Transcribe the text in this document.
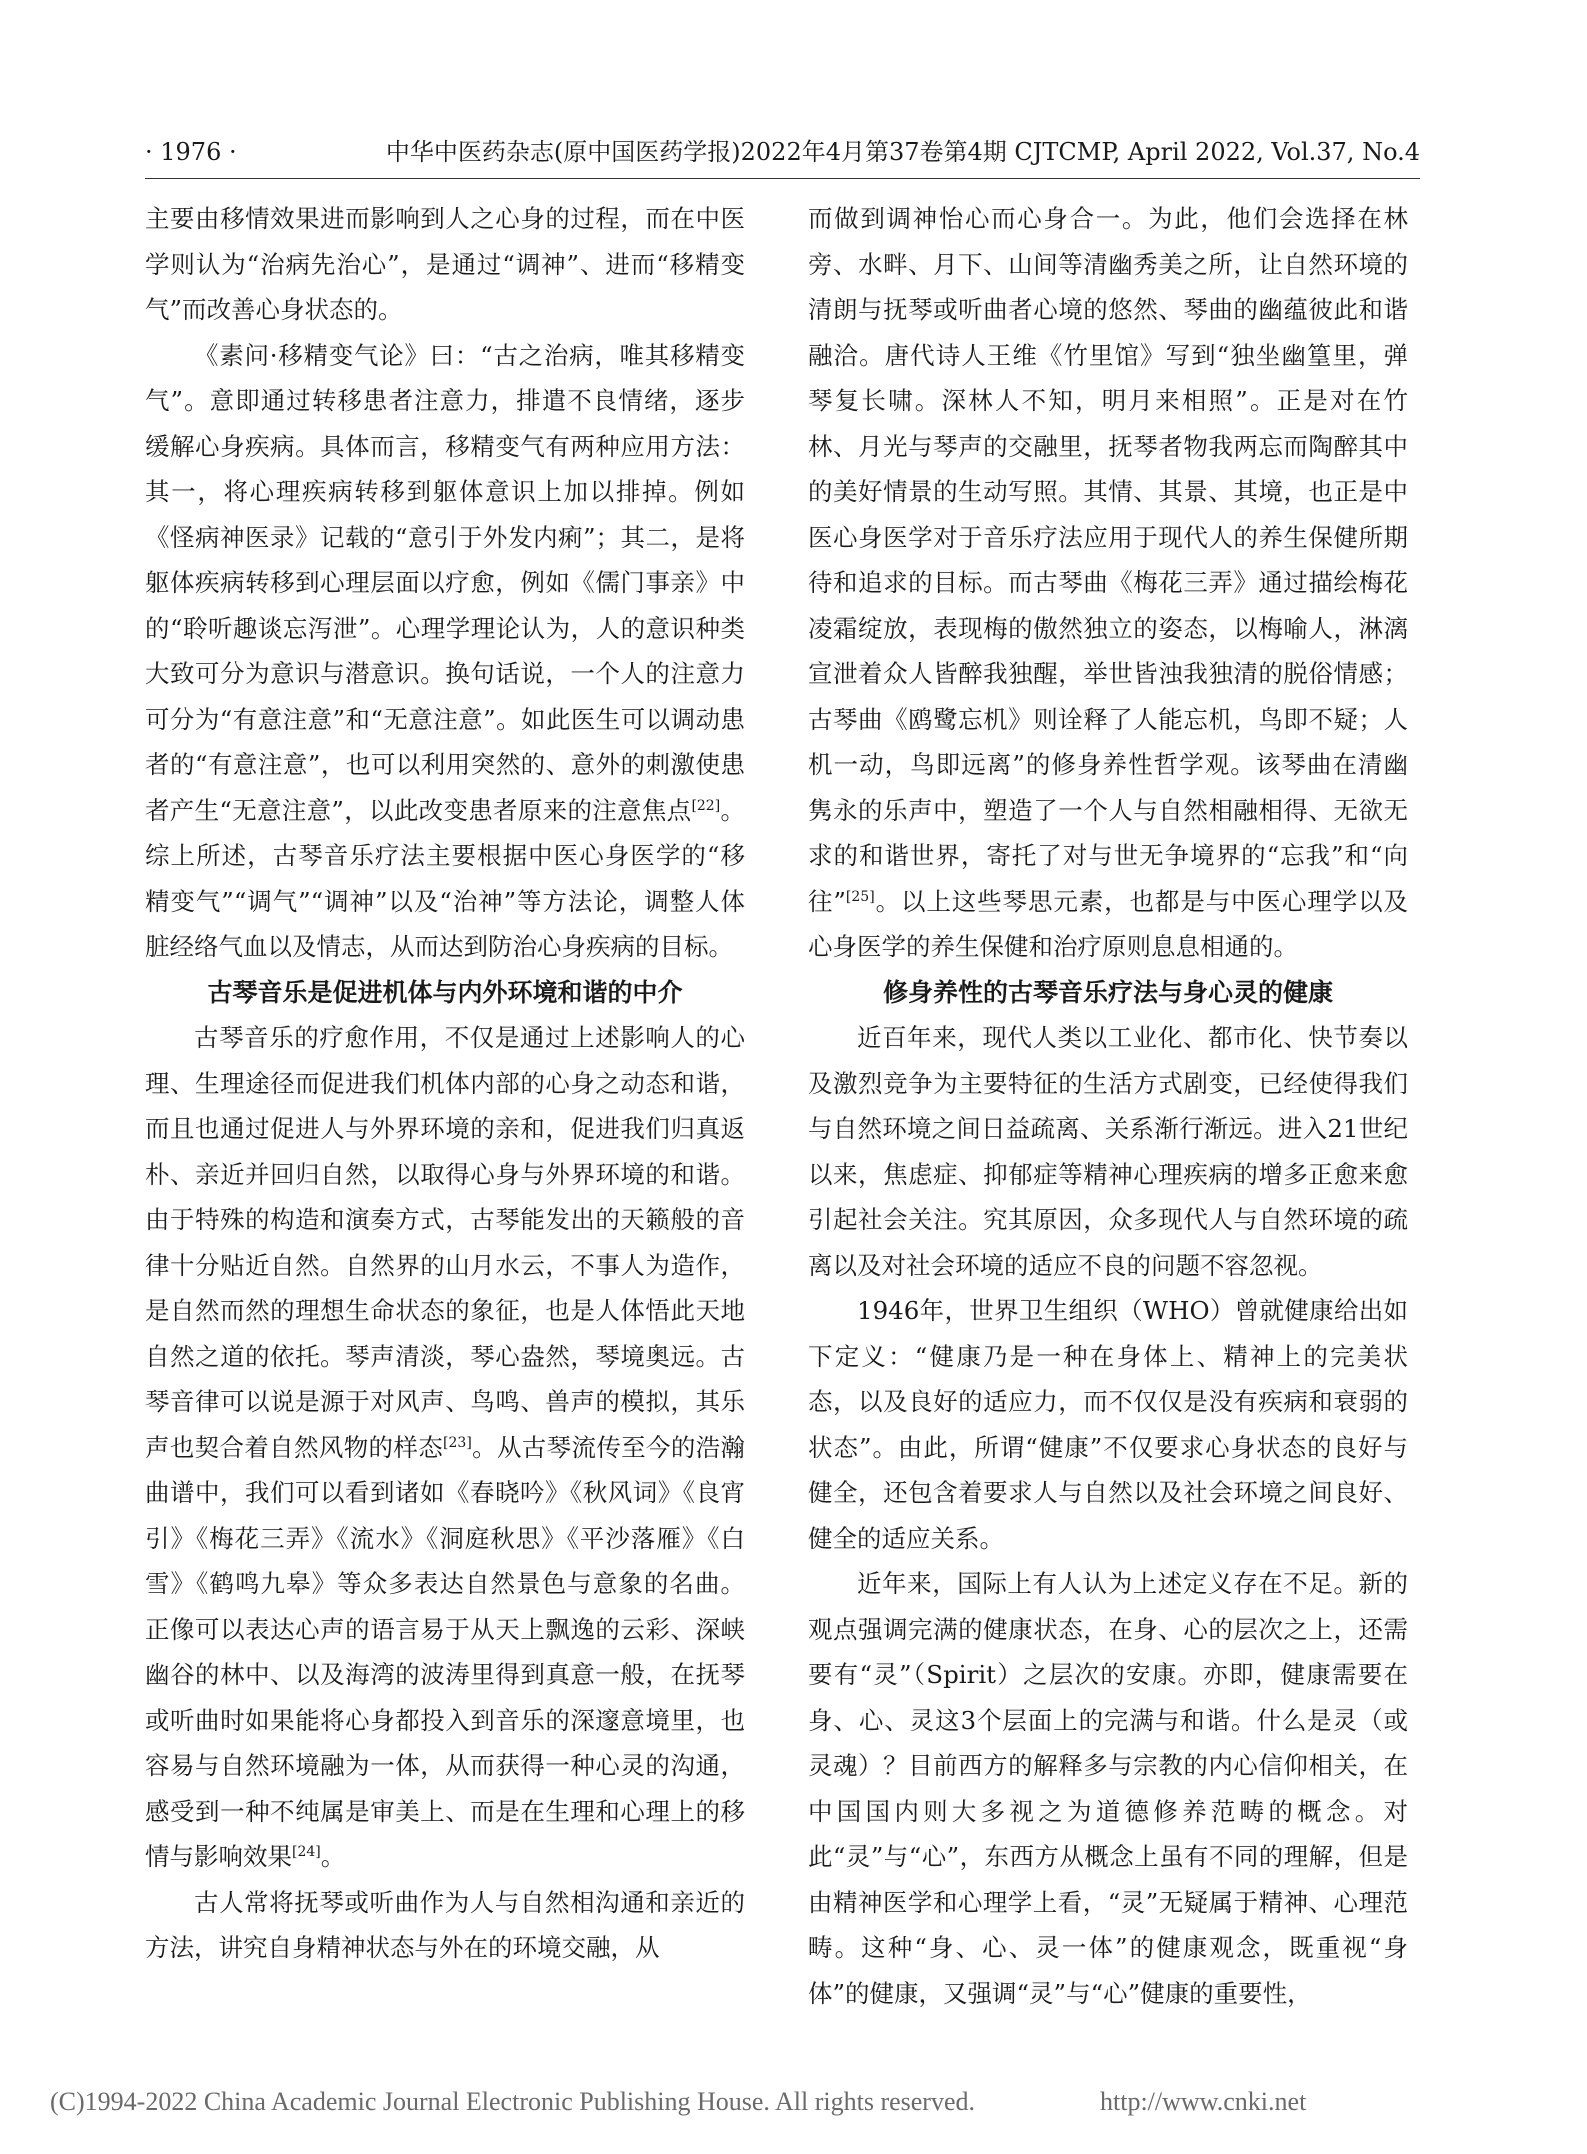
· 1976 ·	中华中医药杂志(原中国医药学报)2022年4月第37卷第4期 CJTCMP, April 2022, Vol.37, No.4

主要由移情效果进而影响到人之心身的过程，而在中医学则认为“治病先治心”，是通过“调神”、进而“移精变气”而改善心身状态的。

《素问·移精变气论》曰：“古之治病，唯其移精变气”。意即通过转移患者注意力，排遣不良情绪，逐步缓解心身疾病。具体而言，移精变气有两种应用方法：其一，将心理疾病转移到躯体意识上加以排掉。例如《怪病神医录》记载的“意引于外发内痢”；其二，是将躯体疾病转移到心理层面以疗愈，例如《儒门事亲》中的“聆听趣谈忘泻泄”。心理学理论认为，人的意识种类大致可分为意识与潜意识。换句话说，一个人的注意力可分为“有意注意”和“无意注意”。如此医生可以调动患者的“有意注意”，也可以利用突然的、意外的刺激使患者产生“无意注意”，以此改变患者原来的注意焦点[22]。综上所述，古琴音乐疗法主要根据中医心身医学的“移精变气”“调气”“调神”以及“治神”等方法论，调整人体脏经络气血以及情志，从而达到防治心身疾病的目标。

古琴音乐是促进机体与内外环境和谐的中介

古琴音乐的疗愈作用，不仅是通过上述影响人的心理、生理途径而促进我们机体内部的心身之动态和谐，而且也通过促进人与外界环境的亲和，促进我们归真返朴、亲近并回归自然，以取得心身与外界环境的和谐。由于特殊的构造和演奏方式，古琴能发出的天籁般的音律十分贴近自然。自然界的山月水云，不事人为造作，是自然而然的理想生命状态的象征，也是人体悟此天地自然之道的依托。琴声清淡，琴心盎然，琴境奥远。古琴音律可以说是源于对风声、鸟鸣、兽声的模拟，其乐声也契合着自然风物的样态[23]。从古琴流传至今的浩瀚曲谱中，我们可以看到诸如《春晓吟》《秋风词》《良宵引》《梅花三弄》《流水》《洞庭秋思》《平沙落雁》《白雪》《鹤鸣九皋》等众多表达自然景色与意象的名曲。正像可以表达心声的语言易于从天上飘逸的云彩、深峡幽谷的林中、以及海湾的波涛里得到真意一般，在抚琴或听曲时如果能将心身都投入到音乐的深邃意境里，也容易与自然环境融为一体，从而获得一种心灵的沟通，感受到一种不纯属是审美上、而是在生理和心理上的移情与影响效果[24]。

古人常将抚琴或听曲作为人与自然相沟通和亲近的方法，讲究自身精神状态与外在的环境交融，从

而做到调神怡心而心身合一。为此，他们会选择在林旁、水畔、月下、山间等清幽秀美之所，让自然环境的清朗与抚琴或听曲者心境的悠然、琴曲的幽蕴彼此和谐融洽。唐代诗人王维《竹里馆》写到“独坐幽篁里，弹琴复长啸。深林人不知，明月来相照”。正是对在竹林、月光与琴声的交融里，抚琴者物我两忘而陶醉其中的美好情景的生动写照。其情、其景、其境，也正是中医心身医学对于音乐疗法应用于现代人的养生保健所期待和追求的目标。而古琴曲《梅花三弄》通过描绘梅花凌霜绽放，表现梅的傲然独立的姿态，以梅喻人，淋漓宣泄着众人皆醉我独醒，举世皆浊我独清的脱俗情感；古琴曲《鸥鹭忘机》则诠释了人能忘机，鸟即不疑；人机一动，鸟即远离”的修身养性哲学观。该琴曲在清幽隽永的乐声中，塑造了一个人与自然相融相得、无欲无求的和谐世界，寄托了对与世无争境界的“忘我”和“向往”[25]。以上这些琴思元素，也都是与中医心理学以及心身医学的养生保健和治疗原则息息相通的。

修身养性的古琴音乐疗法与身心灵的健康

近百年来，现代人类以工业化、都市化、快节奏以及激烈竞争为主要特征的生活方式剧变，已经使得我们与自然环境之间日益疏离、关系渐行渐远。进入21世纪以来，焦虑症、抑郁症等精神心理疾病的增多正愈来愈引起社会关注。究其原因，众多现代人与自然环境的疏离以及对社会环境的适应不良的问题不容忽视。

1946年，世界卫生组织（WHO）曾就健康给出如下定义：“健康乃是一种在身体上、精神上的完美状态，以及良好的适应力，而不仅仅是没有疾病和衰弱的状态”。由此，所谓“健康”不仅要求心身状态的良好与健全，还包含着要求人与自然以及社会环境之间良好、健全的适应关系。

近年来，国际上有人认为上述定义存在不足。新的观点强调完满的健康状态，在身、心的层次之上，还需要有“灵”（Spirit）之层次的安康。亦即，健康需要在身、心、灵这3个层面上的完满与和谐。什么是灵（或灵魂）？目前西方的解释多与宗教的内心信仰相关，在中国国内则大多视之为道德修养范畴的概念。对此“灵”与“心”，东西方从概念上虽有不同的理解，但是由精神医学和心理学上看，“灵”无疑属于精神、心理范畴。这种“身、心、灵一体”的健康观念，既重视“身体”的健康，又强调“灵”与“心”健康的重要性，

(C)1994-2022 China Academic Journal Electronic Publishing House. All rights reserved.	http://www.cnki.net
